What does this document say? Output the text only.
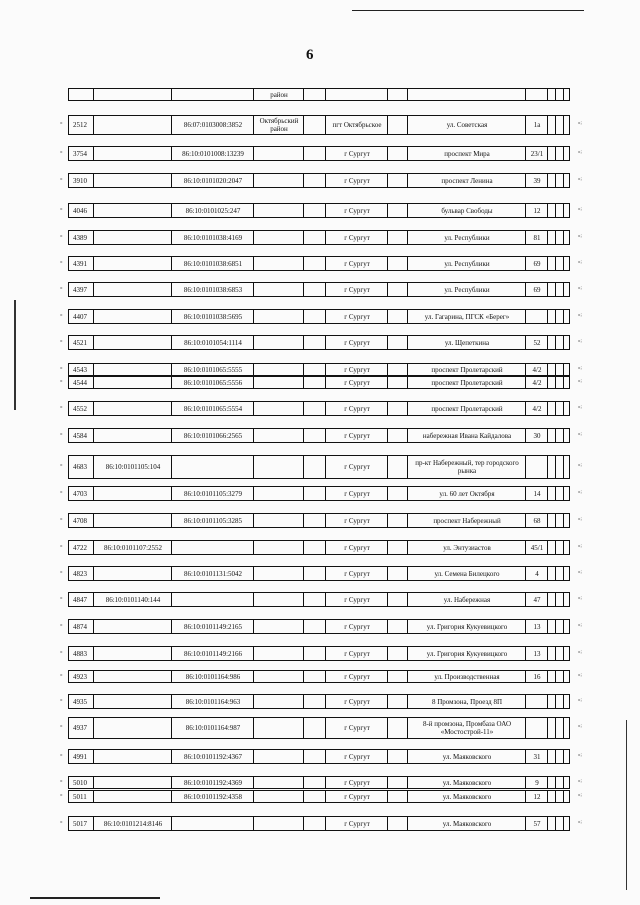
6
район
2512	86:07:0103008:3852	Октябрьский район	пгт Октябрьское	ул. Советская	1а
«	»;
3754	86:10:0101008:13239	г Сургут	проспект Мира	23/1
«	»;
3910	86:10:0101020:2047	г Сургут	проспект Ленина	39
«	»;
4046	86:10:0101025:247	г Сургут	бульвар Свободы	12
«	»;
4389	86:10:0101038:4169	г Сургут	ул. Республики	81
«	»;
4391	86:10:0101038:6851	г Сургут	ул. Республики	69
«	»;
4397	86:10:0101038:6853	г Сургут	ул. Республики	69
«	»;
4407	86:10:0101038:5695	г Сургут	ул. Гагарина, ПГСК «Берег»
«	»;
4521	86:10:0101054:1114	г Сургут	ул. Щепеткина	52
«	»;
4543	86:10:0101065:5555	г Сургут	проспект Пролетарский	4/2
«	»;
4544	86:10:0101065:5556	г Сургут	проспект Пролетарский	4/2
«	»;
4552	86:10:0101065:5554	г Сургут	проспект Пролетарский	4/2
«	»;
4584	86:10:0101066:2565	г Сургут	набережная Ивана Кайдалова	30
«	»;
4683	86:10:0101105:104	г Сургут	пр-кт Набережный, тер городского рынка
«	»;
4703	86:10:0101105:3279	г Сургут	ул. 60 лет Октября	14
«	»;
4708	86:10:0101105:3285	г Сургут	проспект Набережный	68
«	»;
4722	86:10:0101107:2552	г Сургут	ул. Энтузиастов	45/1
«	»;
4823	86:10:0101131:5042	г Сургут	ул. Семена Билецкого	4
«	»;
4847	86:10:0101140:144	г Сургут	ул. Набережная	47
«	»;
4874	86:10:0101149:2165	г Сургут	ул. Григория Кукуевицкого	13
«	»;
4883	86:10:0101149:2166	г Сургут	ул. Григория Кукуевицкого	13
«	»;
4923	86:10:0101164:986	г Сургут	ул. Производственная	16
«	»;
4935	86:10:0101164:963	г Сургут	8 Промзона, Проезд 8П
«	»;
4937	86:10:0101164:987	г Сургут	8-й промзона, Промбаза ОАО «Мостострой-11»
«	»;
4991	86:10:0101192:4367	г Сургут	ул. Маяковского	31
«	»;
5010	86:10:0101192:4369	г Сургут	ул. Маяковского	9
«	»;
5011	86:10:0101192:4358	г Сургут	ул. Маяковского	12
«	»;
5017	86:10:0101214:8146	г Сургут	ул. Маяковского	57
«	»;
